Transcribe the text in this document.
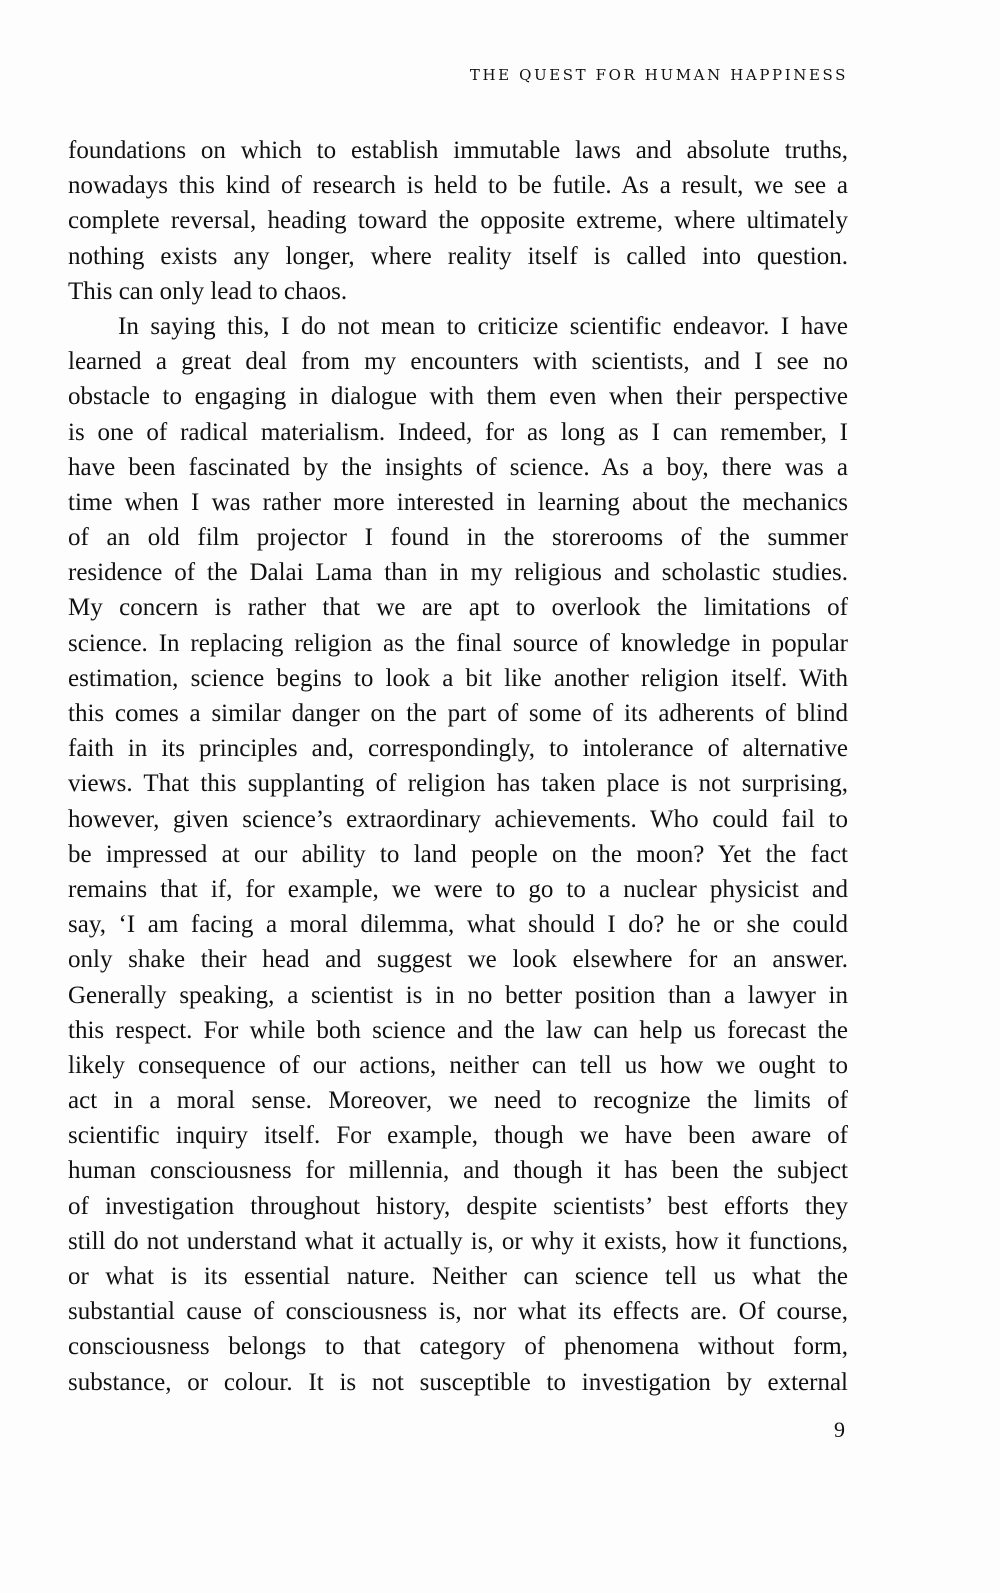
THE QUEST FOR HUMAN HAPPINESS
foundations on which to establish immutable laws and absolute truths,
nowadays this kind of research is held to be futile. As a result, we see a
complete reversal, heading toward the opposite extreme, where ultimately
nothing exists any longer, where reality itself is called into question.
This can only lead to chaos.
In saying this, I do not mean to criticize scientific endeavor. I have
learned a great deal from my encounters with scientists, and I see no
obstacle to engaging in dialogue with them even when their perspective
is one of radical materialism. Indeed, for as long as I can remember, I
have been fascinated by the insights of science. As a boy, there was a
time when I was rather more interested in learning about the mechanics
of an old film projector I found in the storerooms of the summer
residence of the Dalai Lama than in my religious and scholastic studies.
My concern is rather that we are apt to overlook the limitations of
science. In replacing religion as the final source of knowledge in popular
estimation, science begins to look a bit like another religion itself. With
this comes a similar danger on the part of some of its adherents of blind
faith in its principles and, correspondingly, to intolerance of alternative
views. That this supplanting of religion has taken place is not surprising,
however, given science’s extraordinary achievements. Who could fail to
be impressed at our ability to land people on the moon? Yet the fact
remains that if, for example, we were to go to a nuclear physicist and
say, ‘I am facing a moral dilemma, what should I do? he or she could
only shake their head and suggest we look elsewhere for an answer.
Generally speaking, a scientist is in no better position than a lawyer in
this respect. For while both science and the law can help us forecast the
likely consequence of our actions, neither can tell us how we ought to
act in a moral sense. Moreover, we need to recognize the limits of
scientific inquiry itself. For example, though we have been aware of
human consciousness for millennia, and though it has been the subject
of investigation throughout history, despite scientists’ best efforts they
still do not understand what it actually is, or why it exists, how it functions,
or what is its essential nature. Neither can science tell us what the
substantial cause of consciousness is, nor what its effects are. Of course,
consciousness belongs to that category of phenomena without form,
substance, or colour. It is not susceptible to investigation by external
9
